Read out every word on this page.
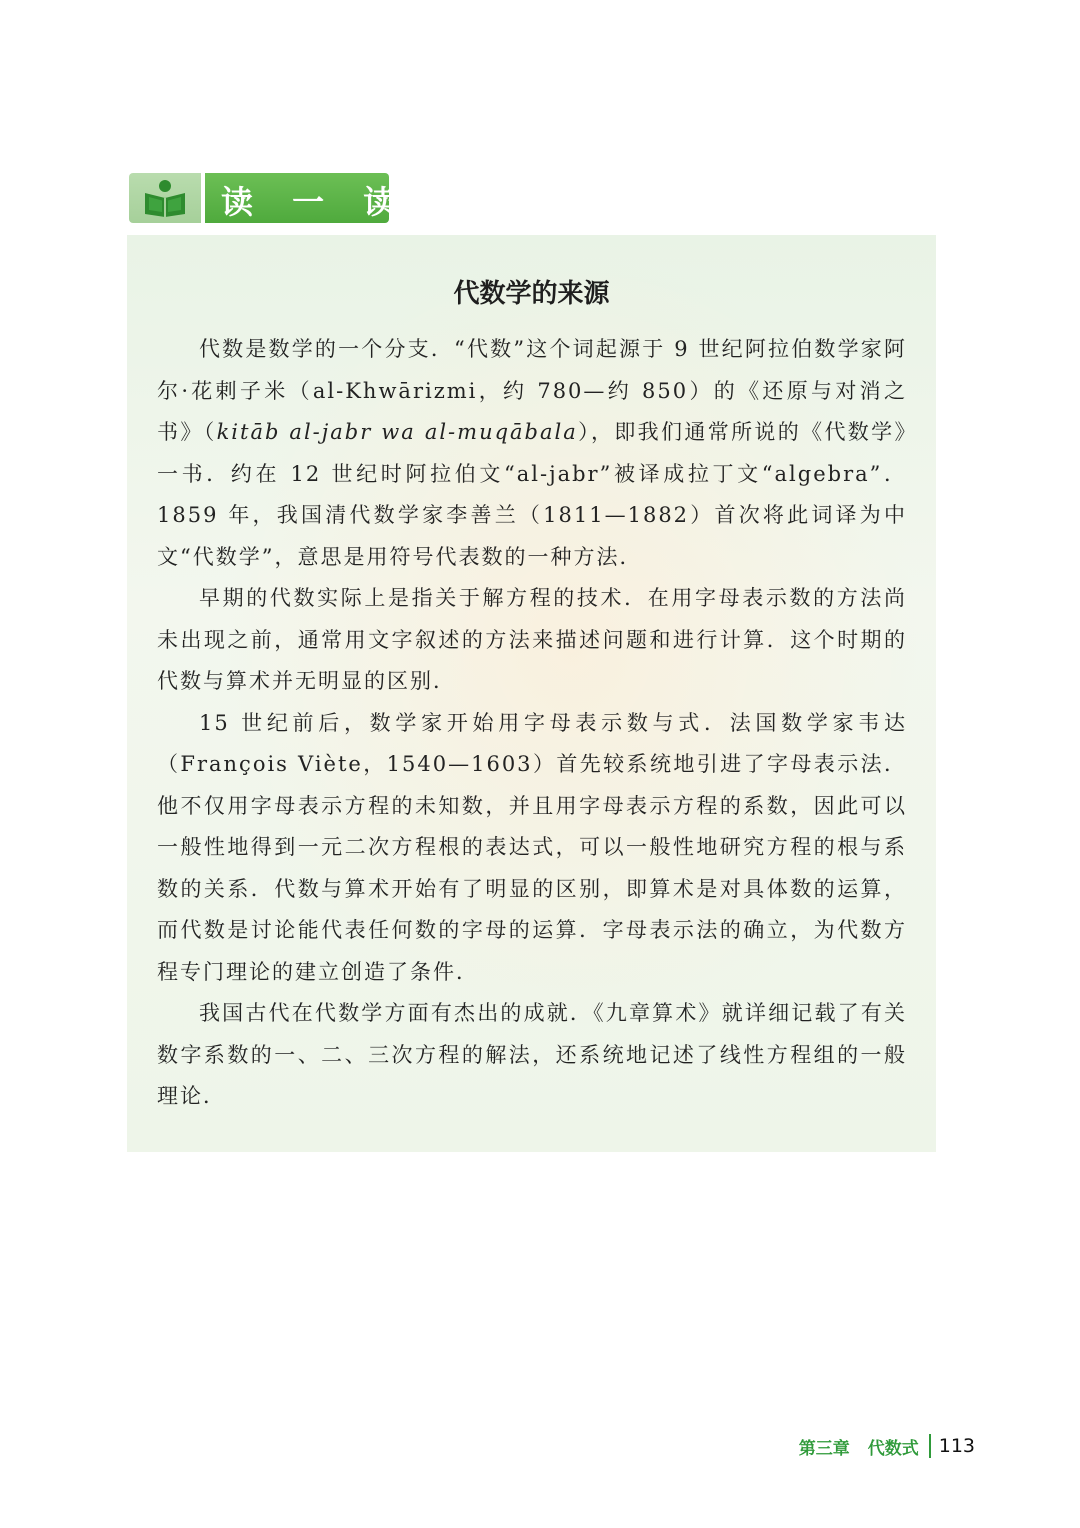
读 一 读
代数学的来源

代数是数学的一个分支．“代数”这个词起源于 9 世纪阿拉伯数学家阿尔·花剌子米（al-Khwārizmi，约 780—约 850）的《还原与对消之书》（kitāb al-jabr wa al-muqābala），即我们通常所说的《代数学》一书．约在 12 世纪时阿拉伯文“al-jabr”被译成拉丁文“algebra”．1859 年，我国清代数学家李善兰（1811—1882）首次将此词译为中文“代数学”，意思是用符号代表数的一种方法．

早期的代数实际上是指关于解方程的技术．在用字母表示数的方法尚未出现之前，通常用文字叙述的方法来描述问题和进行计算．这个时期的代数与算术并无明显的区别．

15 世纪前后，数学家开始用字母表示数与式．法国数学家韦达（François Viète，1540—1603）首先较系统地引进了字母表示法．他不仅用字母表示方程的未知数，并且用字母表示方程的系数，因此可以一般性地得到一元二次方程根的表达式，可以一般性地研究方程的根与系数的关系．代数与算术开始有了明显的区别，即算术是对具体数的运算，而代数是讨论能代表任何数的字母的运算．字母表示法的确立，为代数方程专门理论的建立创造了条件．

我国古代在代数学方面有杰出的成就．《九章算术》就详细记载了有关数字系数的一、二、三次方程的解法，还系统地记述了线性方程组的一般理论．

第三章 代数式 113
